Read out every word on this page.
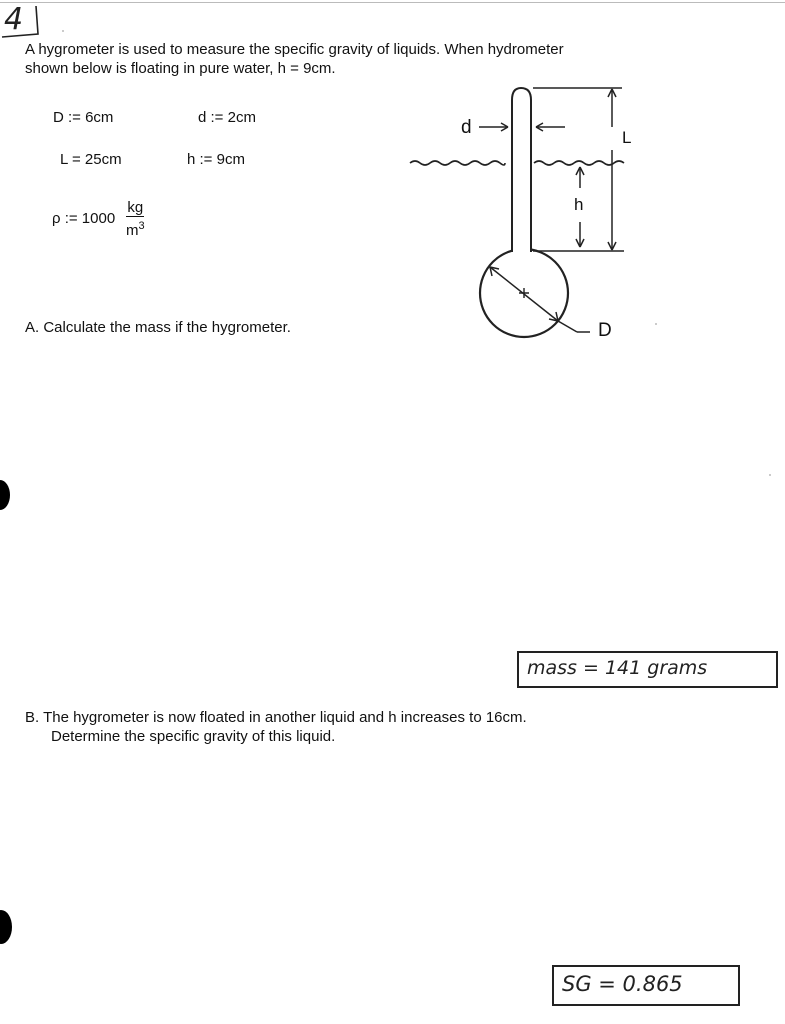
4
A hygrometer is used to measure the specific gravity of liquids. When hydrometer
shown below is floating in pure water, h = 9cm.
D := 6cm	d := 2cm
L = 25cm	h := 9cm
ρ := $1000 \frac{kg}{m^3}$
d	L
h
D
A. Calculate the mass if the hygrometer.
mass = 141 grams
B. The hygrometer is now floated in another liquid and h increases to 16cm.
Determine the specific gravity of this liquid.
SG = 0.865
